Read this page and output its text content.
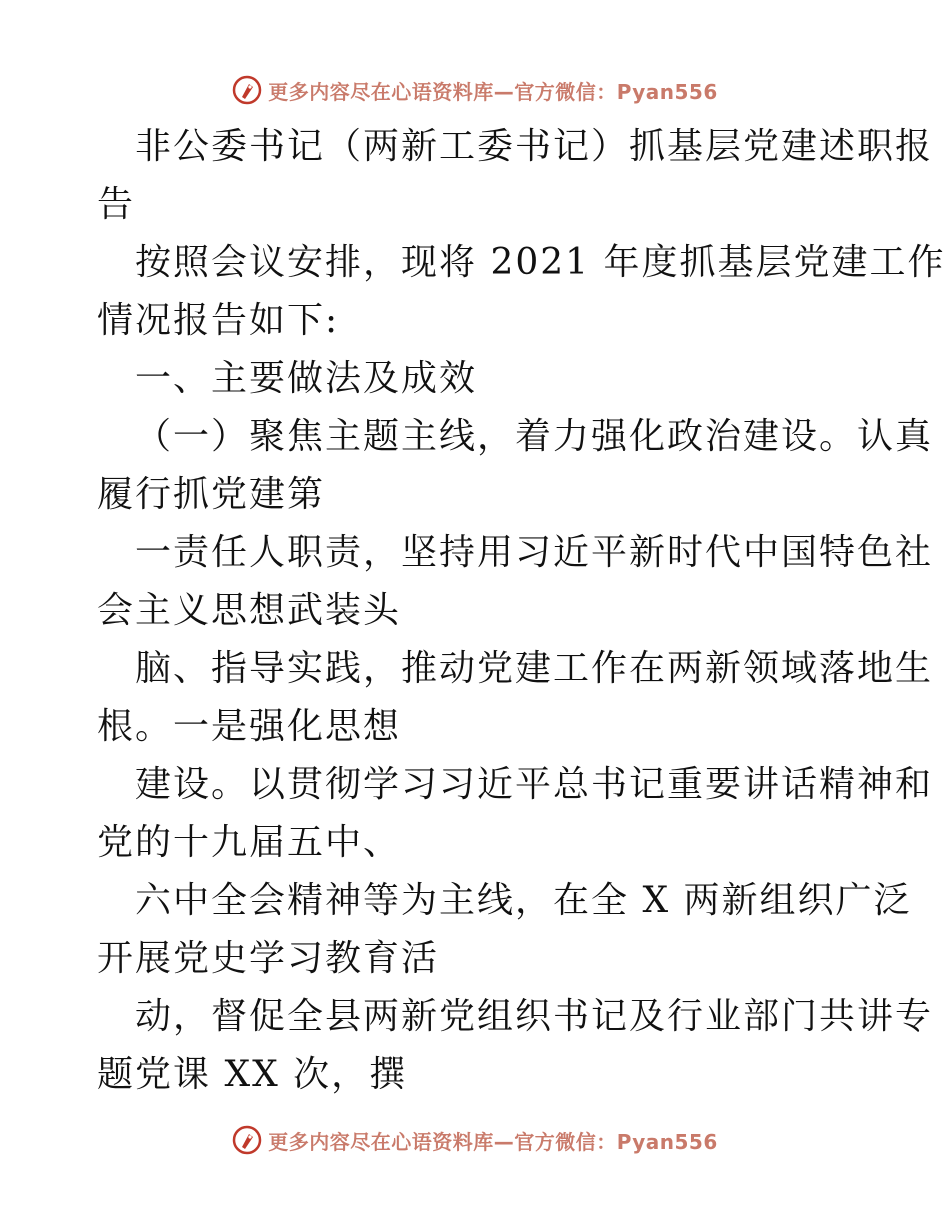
更多内容尽在心语资料库—官方微信：Pyan556

非公委书记（两新工委书记）抓基层党建述职报
告
按照会议安排，现将 2021 年度抓基层党建工作
情况报告如下:
一、主要做法及成效
（一）聚焦主题主线，着力强化政治建设。认真
履行抓党建第
一责任人职责，坚持用习近平新时代中国特色社
会主义思想武装头
脑、指导实践，推动党建工作在两新领域落地生
根。一是强化思想
建设。以贯彻学习习近平总书记重要讲话精神和
党的十九届五中、
六中全会精神等为主线，在全 X 两新组织广泛
开展党史学习教育活
动，督促全县两新党组织书记及行业部门共讲专
题党课 XX 次，撰

更多内容尽在心语资料库—官方微信：Pyan556
